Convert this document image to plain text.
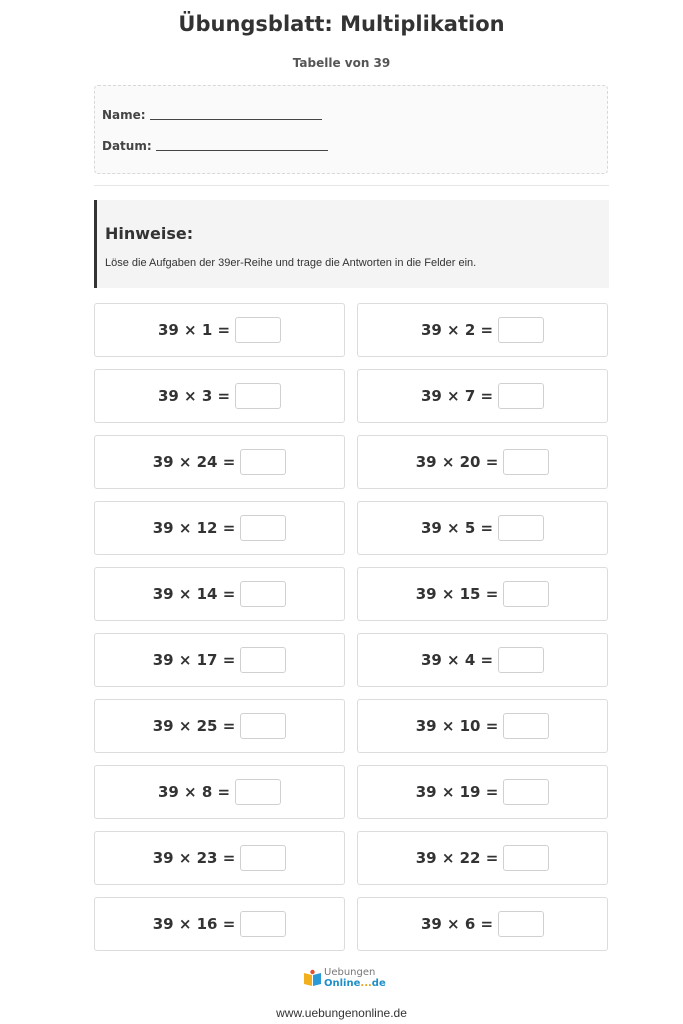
Übungsblatt: Multiplikation
Tabelle von 39
Name:
Datum:
Hinweise:
Löse die Aufgaben der 39er-Reihe und trage die Antworten in die Felder ein.
39 × 1 =	39 × 2 =
39 × 3 =	39 × 7 =
39 × 24 =	39 × 20 =
39 × 12 =	39 × 5 =
39 × 14 =	39 × 15 =
39 × 17 =	39 × 4 =
39 × 25 =	39 × 10 =
39 × 8 =	39 × 19 =
39 × 23 =	39 × 22 =
39 × 16 =	39 × 6 =
Uebungen
Online...de
www.uebungenonline.de
